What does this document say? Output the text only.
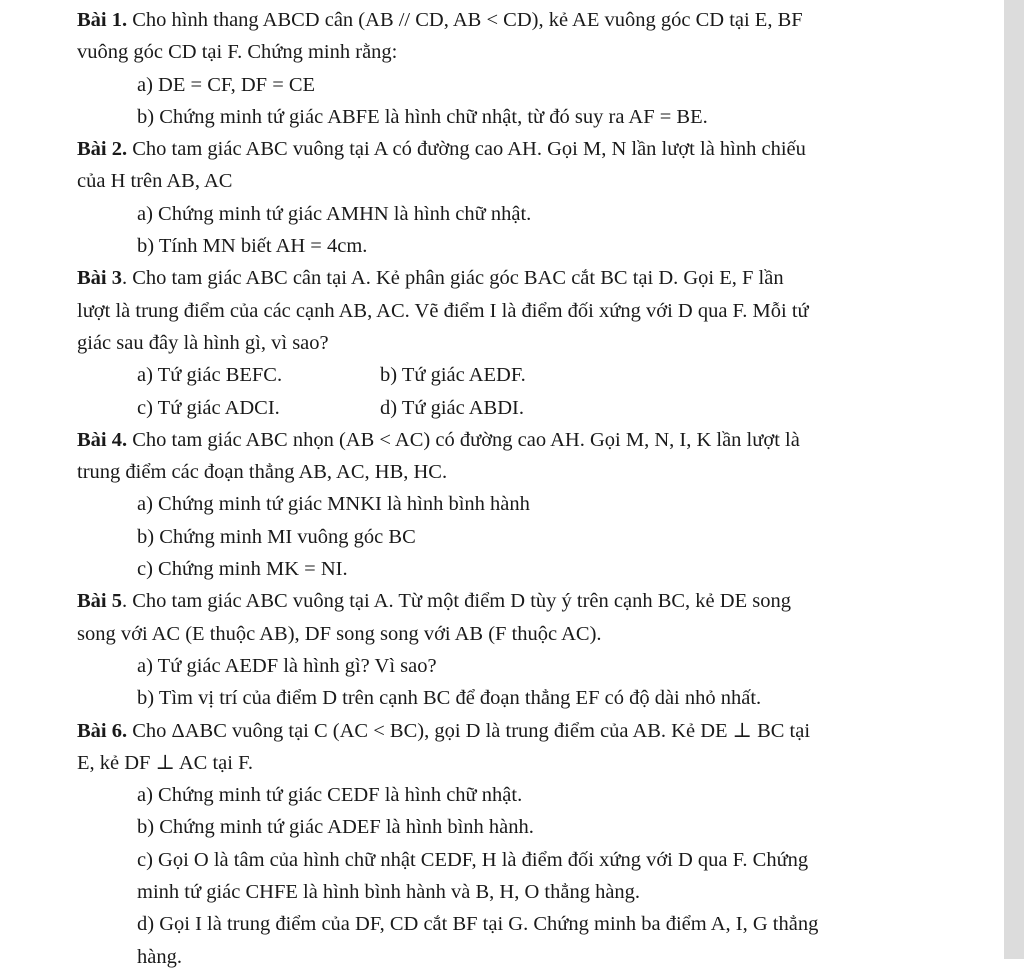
Bài 1. Cho hình thang ABCD cân (AB // CD, AB < CD), kẻ AE vuông góc CD tại E, BF
vuông góc CD tại F. Chứng minh rằng:
a) DE = CF, DF = CE
b) Chứng minh tứ giác ABFE là hình chữ nhật, từ đó suy ra AF = BE.
Bài 2. Cho tam giác ABC vuông tại A có đường cao AH. Gọi M, N lần lượt là hình chiếu
của H trên AB, AC
a) Chứng minh tứ giác AMHN là hình chữ nhật.
b) Tính MN biết AH = 4cm.
Bài 3. Cho tam giác ABC cân tại A. Kẻ phân giác góc BAC cắt BC tại D. Gọi E, F lần
lượt là trung điểm của các cạnh AB, AC. Vẽ điểm I là điểm đối xứng với D qua F. Mỗi tứ
giác sau đây là hình gì, vì sao?
a) Tứ giác BEFC.	b) Tứ giác AEDF.
c) Tứ giác ADCI.	d) Tứ giác ABDI.
Bài 4. Cho tam giác ABC nhọn (AB < AC) có đường cao AH. Gọi M, N, I, K lần lượt là
trung điểm các đoạn thẳng AB, AC, HB, HC.
a) Chứng minh tứ giác MNKI là hình bình hành
b) Chứng minh MI vuông góc BC
c) Chứng minh MK = NI.
Bài 5. Cho tam giác ABC vuông tại A. Từ một điểm D tùy ý trên cạnh BC, kẻ DE song
song với AC (E thuộc AB), DF song song với AB (F thuộc AC).
a) Tứ giác AEDF là hình gì? Vì sao?
b) Tìm vị trí của điểm D trên cạnh BC để đoạn thẳng EF có độ dài nhỏ nhất.
Bài 6. Cho ΔABC vuông tại C (AC < BC), gọi D là trung điểm của AB. Kẻ DE ⊥ BC tại
E, kẻ DF ⊥ AC tại F.
a) Chứng minh tứ giác CEDF là hình chữ nhật.
b) Chứng minh tứ giác ADEF là hình bình hành.
c) Gọi O là tâm của hình chữ nhật CEDF, H là điểm đối xứng với D qua F. Chứng
minh tứ giác CHFE là hình bình hành và B, H, O thẳng hàng.
d) Gọi I là trung điểm của DF, CD cắt BF tại G. Chứng minh ba điểm A, I, G thẳng
hàng.
